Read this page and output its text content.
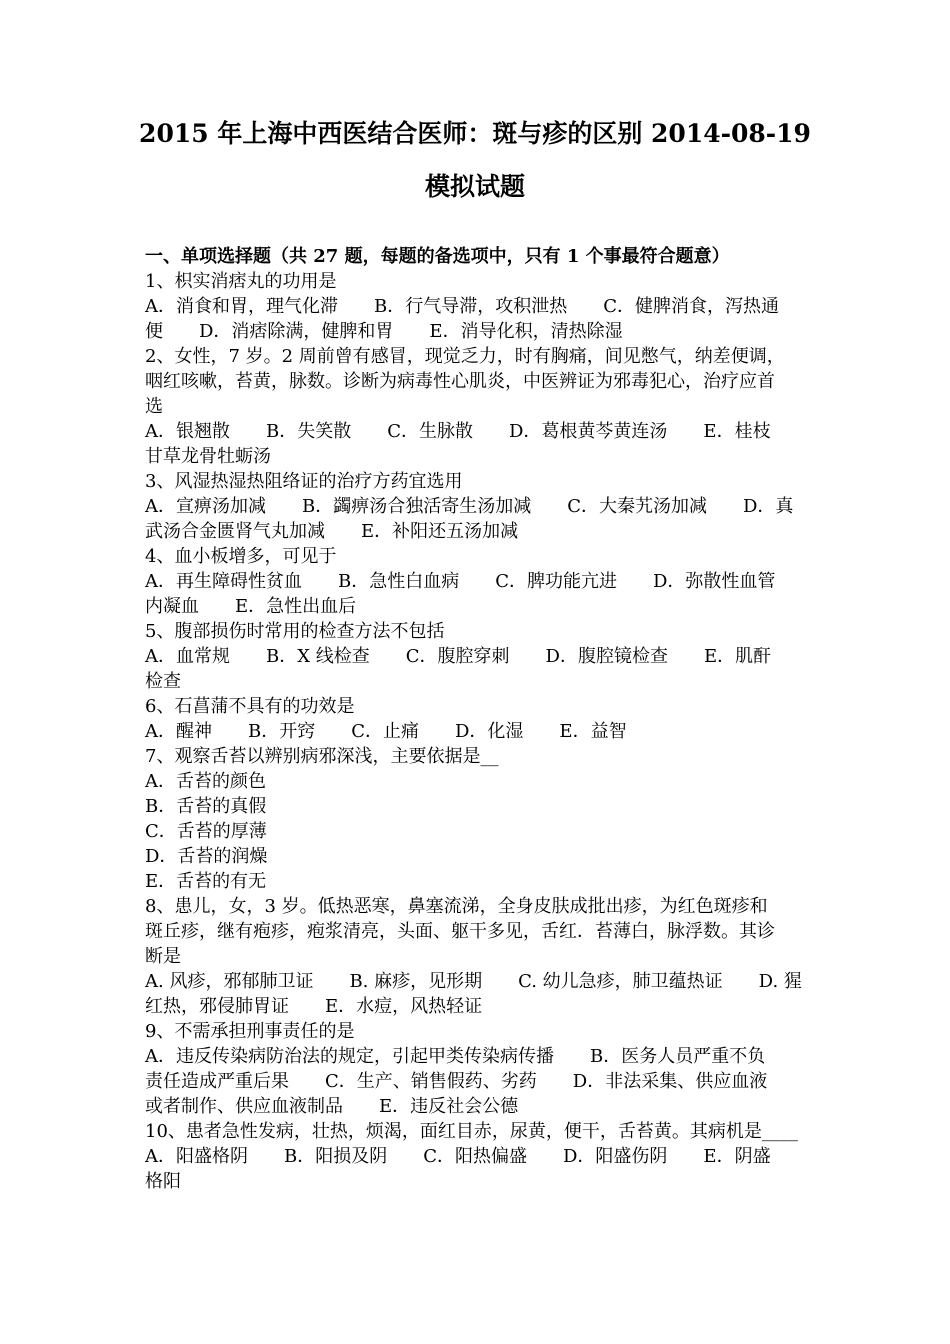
2015 年上海中西医结合医师：斑与疹的区别 2014-08-19
模拟试题
一、单项选择题（共 27 题，每题的备选项中，只有 1 个事最符合题意）
1、枳实消痞丸的功用是
A．消食和胃，理气化滞　　B．行气导滞，攻积泄热　　C．健脾消食，泻热通
便　　D．消痞除满，健脾和胃　　E．消导化积，清热除湿
2、女性，7 岁。2 周前曾有感冒，现觉乏力，时有胸痛，间见憋气，纳差便调，
咽红咳嗽，苔黄，脉数。诊断为病毒性心肌炎，中医辨证为邪毒犯心，治疗应首
选
A．银翘散　　B．失笑散　　C．生脉散　　D．葛根黄芩黄连汤　　E．桂枝
甘草龙骨牡蛎汤
3、风湿热湿热阻络证的治疗方药宜选用
A．宣痹汤加减　　B．蠲痹汤合独活寄生汤加减　　C．大秦艽汤加减　　D．真
武汤合金匮肾气丸加减　　E．补阳还五汤加减
4、血小板增多，可见于
A．再生障碍性贫血　　B．急性白血病　　C．脾功能亢进　　D．弥散性血管
内凝血　　E．急性出血后
5、腹部损伤时常用的检查方法不包括
A．血常规　　B．X 线检查　　C．腹腔穿刺　　D．腹腔镜检查　　E．肌酐
检查
6、石菖蒲不具有的功效是
A．醒神　　B．开窍　　C．止痛　　D．化湿　　E．益智
7、观察舌苔以辨别病邪深浅，主要依据是__
A．舌苔的颜色
B．舌苔的真假
C．舌苔的厚薄
D．舌苔的润燥
E．舌苔的有无
8、患儿，女，3 岁。低热恶寒，鼻塞流涕，全身皮肤成批出疹，为红色斑疹和
斑丘疹，继有疱疹，疱浆清亮，头面、躯干多见，舌红．苔薄白，脉浮数。其诊
断是
A. 风疹，邪郁肺卫证　　B. 麻疹，见形期　　C. 幼儿急疹，肺卫蕴热证　　D. 猩
红热，邪侵肺胃证　　E．水痘，风热轻证
9、不需承担刑事责任的是
A．违反传染病防治法的规定，引起甲类传染病传播　　B．医务人员严重不负
责任造成严重后果　　C．生产、销售假药、劣药　　D．非法采集、供应血液
或者制作、供应血液制品　　E．违反社会公德
10、患者急性发病，壮热，烦渴，面红目赤，尿黄，便干，舌苔黄。其病机是____
A．阳盛格阴　　B．阳损及阴　　C．阳热偏盛　　D．阳盛伤阴　　E．阴盛
格阳
